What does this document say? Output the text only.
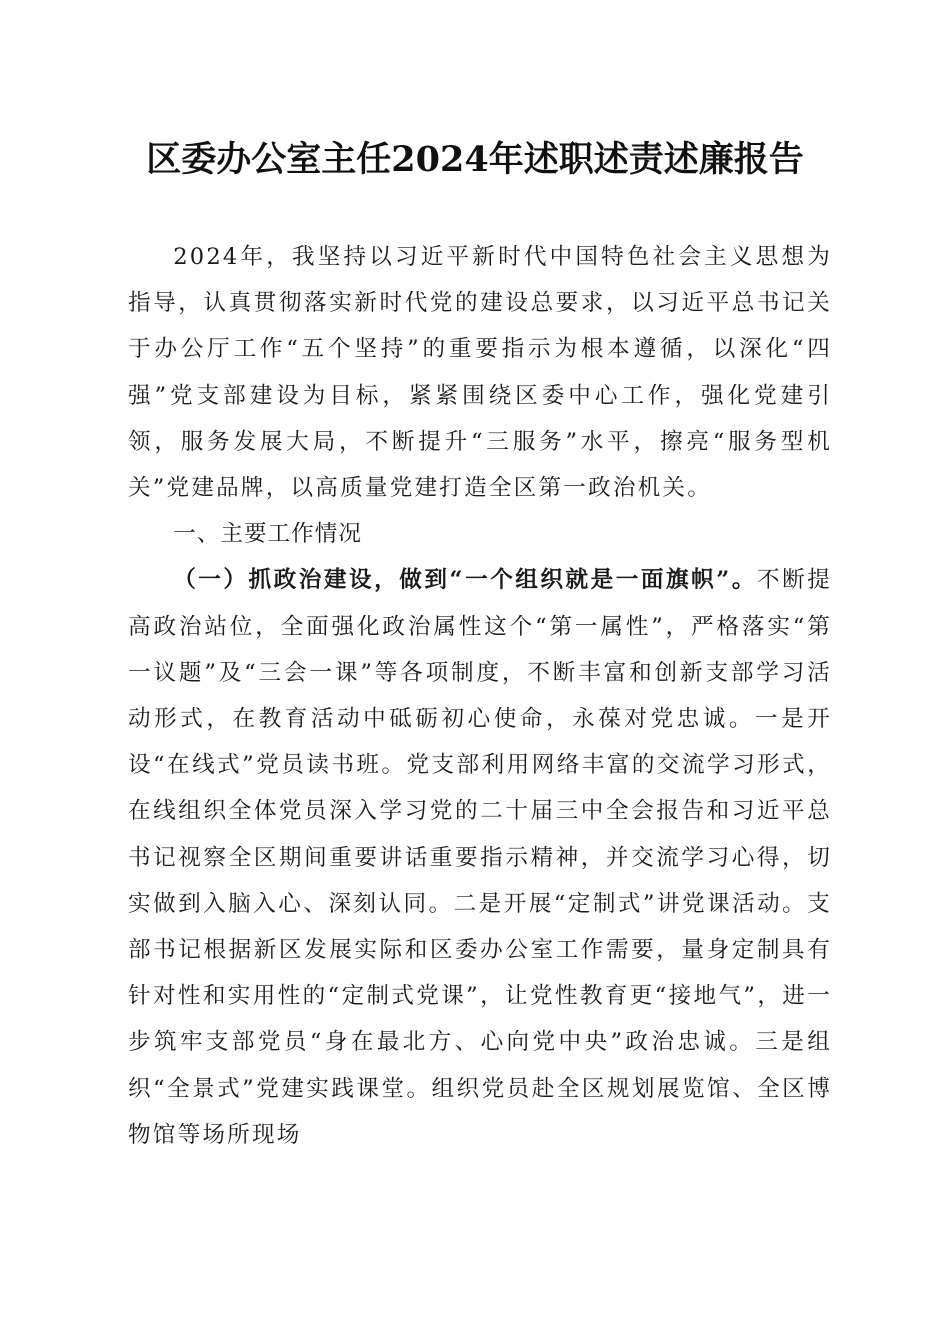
区委办公室主任2024年述职述责述廉报告

2024年，我坚持以习近平新时代中国特色社会主义思想为指导，认真贯彻落实新时代党的建设总要求，以习近平总书记关于办公厅工作“五个坚持”的重要指示为根本遵循，以深化“四强”党支部建设为目标，紧紧围绕区委中心工作，强化党建引领，服务发展大局，不断提升“三服务”水平，擦亮“服务型机关”党建品牌，以高质量党建打造全区第一政治机关。

一、主要工作情况

（一）抓政治建设，做到“一个组织就是一面旗帜”。不断提高政治站位，全面强化政治属性这个“第一属性”，严格落实“第一议题”及“三会一课”等各项制度，不断丰富和创新支部学习活动形式，在教育活动中砥砺初心使命，永葆对党忠诚。一是开设“在线式”党员读书班。党支部利用网络丰富的交流学习形式，在线组织全体党员深入学习党的二十届三中全会报告和习近平总书记视察全区期间重要讲话重要指示精神，并交流学习心得，切实做到入脑入心、深刻认同。二是开展“定制式”讲党课活动。支部书记根据新区发展实际和区委办公室工作需要，量身定制具有针对性和实用性的“定制式党课”，让党性教育更“接地气”，进一步筑牢支部党员“身在最北方、心向党中央”政治忠诚。三是组织“全景式”党建实践课堂。组织党员赴全区规划展览馆、全区博物馆等场所现场
